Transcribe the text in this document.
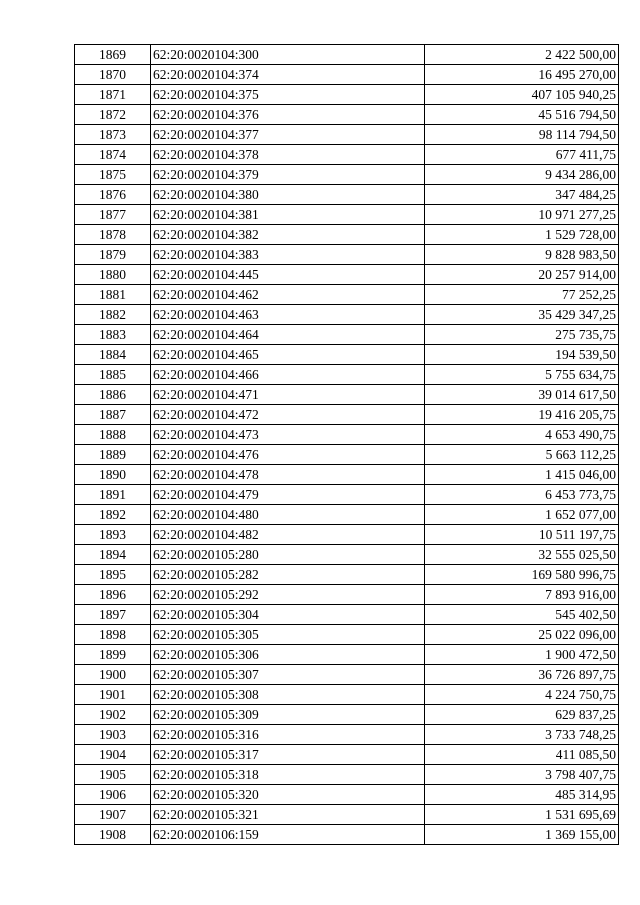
1869	62:20:0020104:300	2 422 500,00
1870	62:20:0020104:374	16 495 270,00
1871	62:20:0020104:375	407 105 940,25
1872	62:20:0020104:376	45 516 794,50
1873	62:20:0020104:377	98 114 794,50
1874	62:20:0020104:378	677 411,75
1875	62:20:0020104:379	9 434 286,00
1876	62:20:0020104:380	347 484,25
1877	62:20:0020104:381	10 971 277,25
1878	62:20:0020104:382	1 529 728,00
1879	62:20:0020104:383	9 828 983,50
1880	62:20:0020104:445	20 257 914,00
1881	62:20:0020104:462	77 252,25
1882	62:20:0020104:463	35 429 347,25
1883	62:20:0020104:464	275 735,75
1884	62:20:0020104:465	194 539,50
1885	62:20:0020104:466	5 755 634,75
1886	62:20:0020104:471	39 014 617,50
1887	62:20:0020104:472	19 416 205,75
1888	62:20:0020104:473	4 653 490,75
1889	62:20:0020104:476	5 663 112,25
1890	62:20:0020104:478	1 415 046,00
1891	62:20:0020104:479	6 453 773,75
1892	62:20:0020104:480	1 652 077,00
1893	62:20:0020104:482	10 511 197,75
1894	62:20:0020105:280	32 555 025,50
1895	62:20:0020105:282	169 580 996,75
1896	62:20:0020105:292	7 893 916,00
1897	62:20:0020105:304	545 402,50
1898	62:20:0020105:305	25 022 096,00
1899	62:20:0020105:306	1 900 472,50
1900	62:20:0020105:307	36 726 897,75
1901	62:20:0020105:308	4 224 750,75
1902	62:20:0020105:309	629 837,25
1903	62:20:0020105:316	3 733 748,25
1904	62:20:0020105:317	411 085,50
1905	62:20:0020105:318	3 798 407,75
1906	62:20:0020105:320	485 314,95
1907	62:20:0020105:321	1 531 695,69
1908	62:20:0020106:159	1 369 155,00
